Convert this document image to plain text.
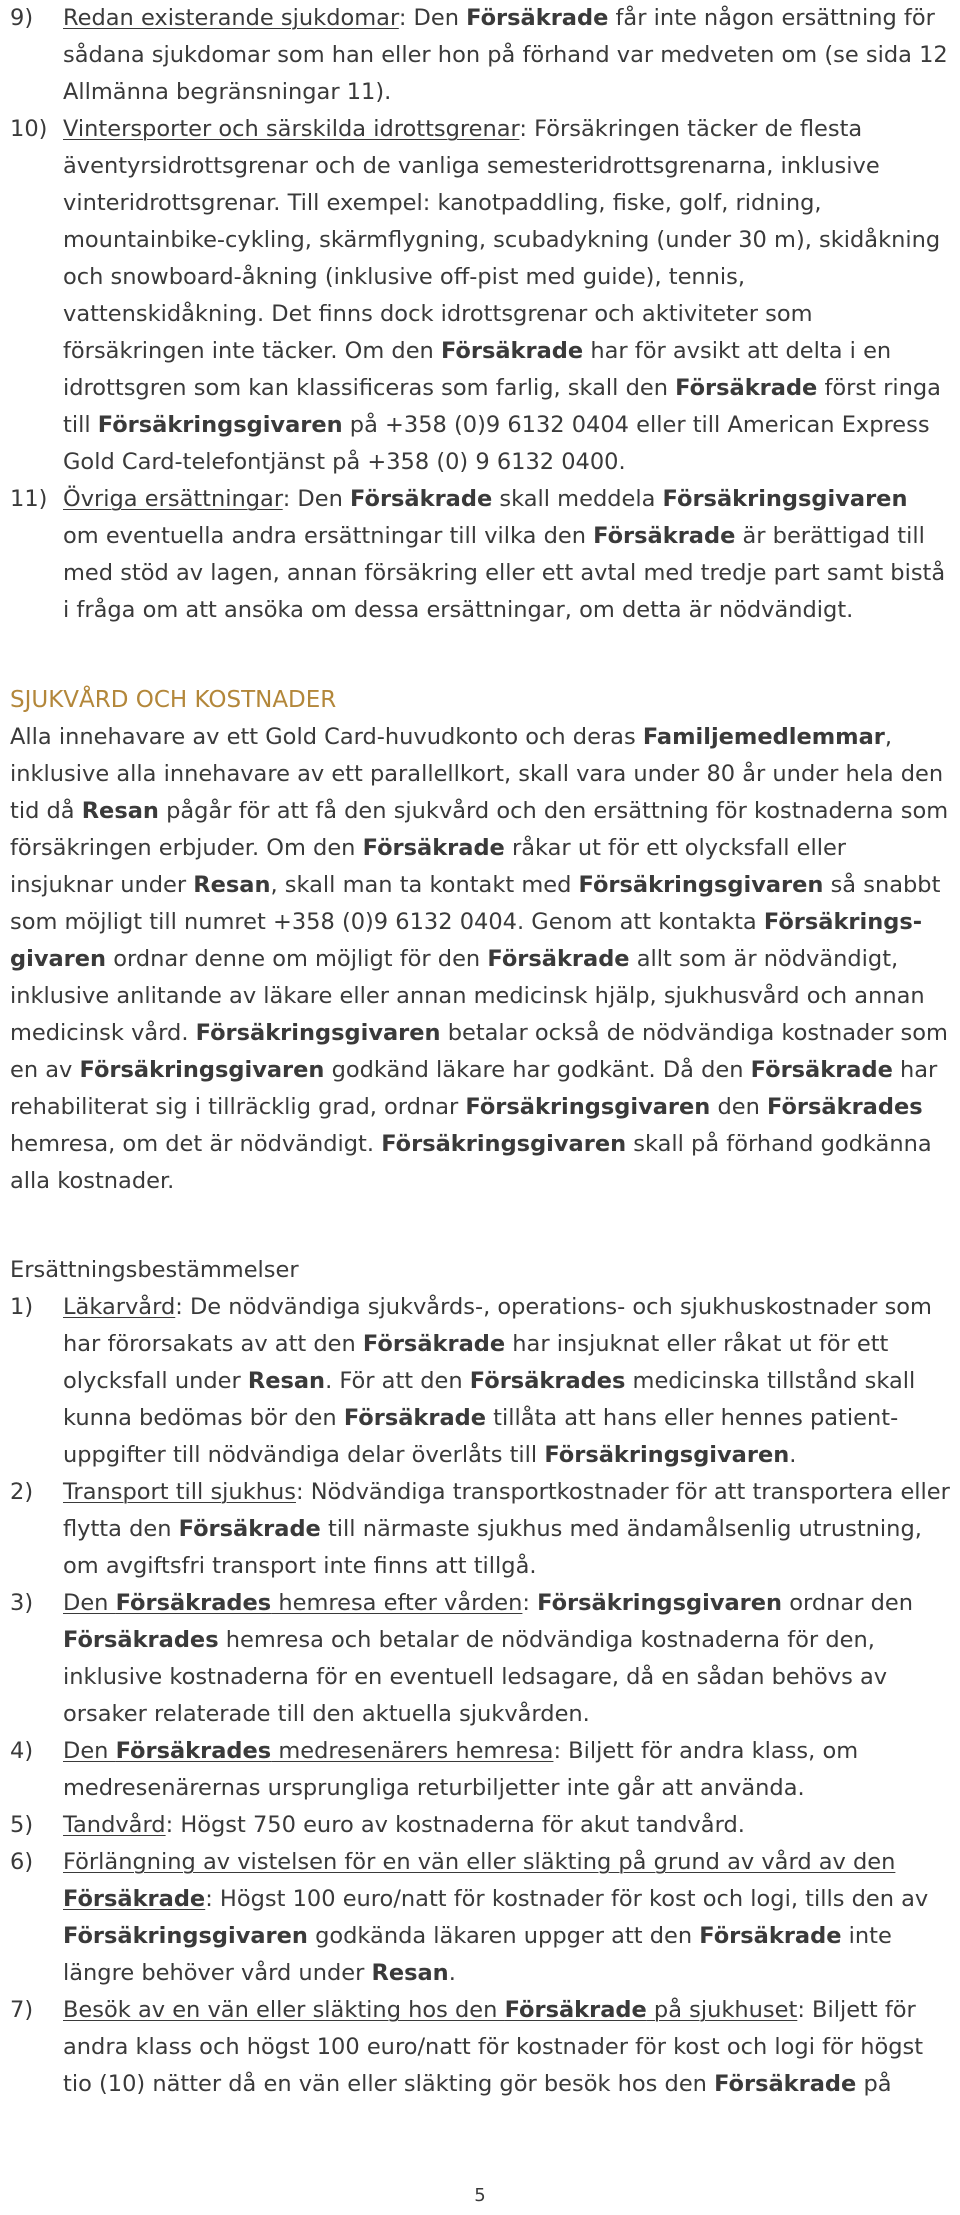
9)	Redan existerande sjukdomar: Den Försäkrade får inte någon ersättning för sådana sjukdomar som han eller hon på förhand var medveten om (se sida 12 Allmänna begränsningar 11).
10) Vintersporter och särskilda idrottsgrenar: Försäkringen täcker de flesta äventyrsidrottsgrenar och de vanliga semesteridrottsgrenarna, inklusive vinteridrottsgrenar. Till exempel: kanotpaddling, fiske, golf, ridning, mountainbike-cykling, skärmflygning, scubadykning (under 30 m), skidåkning och snowboard-åkning (inklusive off-pist med guide), tennis, vattenskidåkning. Det finns dock idrottsgrenar och aktiviteter som försäkringen inte täcker. Om den Försäkrade har för avsikt att delta i en idrottsgren som kan klassificeras som farlig, skall den Försäkrade först ringa till Försäkringsgivaren på +358 (0)9 6132 0404 eller till American Express Gold Card-telefontjänst på +358 (0) 9 6132 0400.
11) Övriga ersättningar: Den Försäkrade skall meddela Försäkringsgivaren om eventuella andra ersättningar till vilka den Försäkrade är berättigad till med stöd av lagen, annan försäkring eller ett avtal med tredje part samt bistå i fråga om att ansöka om dessa ersättningar, om detta är nödvändigt.
SJUKVÅRD OCH KOSTNADER
Alla innehavare av ett Gold Card-huvudkonto och deras Familjemedlemmar, inklusive alla innehavare av ett parallellkort, skall vara under 80 år under hela den tid då Resan pågår för att få den sjukvård och den ersättning för kostnaderna som försäkringen erbjuder. Om den Försäkrade råkar ut för ett olycksfall eller insjuknar under Resan, skall man ta kontakt med Försäkringsgivaren så snabbt som möjligt till numret +358 (0)9 6132 0404. Genom att kontakta Försäkringsgivaren ordnar denne om möjligt för den Försäkrade allt som är nödvändigt, inklusive anlitande av läkare eller annan medicinsk hjälp, sjukhusvård och annan medicinsk vård. Försäkringsgivaren betalar också de nödvändiga kostnader som en av Försäkringsgivaren godkänd läkare har godkänt. Då den Försäkrade har rehabiliterat sig i tillräcklig grad, ordnar Försäkringsgivaren den Försäkrades hemresa, om det är nödvändigt. Försäkringsgivaren skall på förhand godkänna alla kostnader.
Ersättningsbestämmelser
1)	Läkarvård: De nödvändiga sjukvårds-, operations- och sjukhuskostnader som har förorsakats av att den Försäkrade har insjuknat eller råkat ut för ett olycksfall under Resan. För att den Försäkrades medicinska tillstånd skall kunna bedömas bör den Försäkrade tillåta att hans eller hennes patientuppgifter till nödvändiga delar överlåts till Försäkringsgivaren.
2)	Transport till sjukhus: Nödvändiga transportkostnader för att transportera eller flytta den Försäkrade till närmaste sjukhus med ändamålsenlig utrustning, om avgiftsfri transport inte finns att tillgå.
3)	Den Försäkrades hemresa efter vården: Försäkringsgivaren ordnar den Försäkrades hemresa och betalar de nödvändiga kostnaderna för den, inklusive kostnaderna för en eventuell ledsagare, då en sådan behövs av orsaker relaterade till den aktuella sjukvården.
4)	Den Försäkrades medresenärers hemresa: Biljett för andra klass, om medresenärernas ursprungliga returbiljetter inte går att använda.
5)	Tandvård: Högst 750 euro av kostnaderna för akut tandvård.
6)	Förlängning av vistelsen för en vän eller släkting på grund av vård av den Försäkrade: Högst 100 euro/natt för kostnader för kost och logi, tills den av Försäkringsgivaren godkända läkaren uppger att den Försäkrade inte längre behöver vård under Resan.
7)	Besök av en vän eller släkting hos den Försäkrade på sjukhuset: Biljett för andra klass och högst 100 euro/natt för kostnader för kost och logi för högst tio (10) nätter då en vän eller släkting gör besök hos den Försäkrade på
5
